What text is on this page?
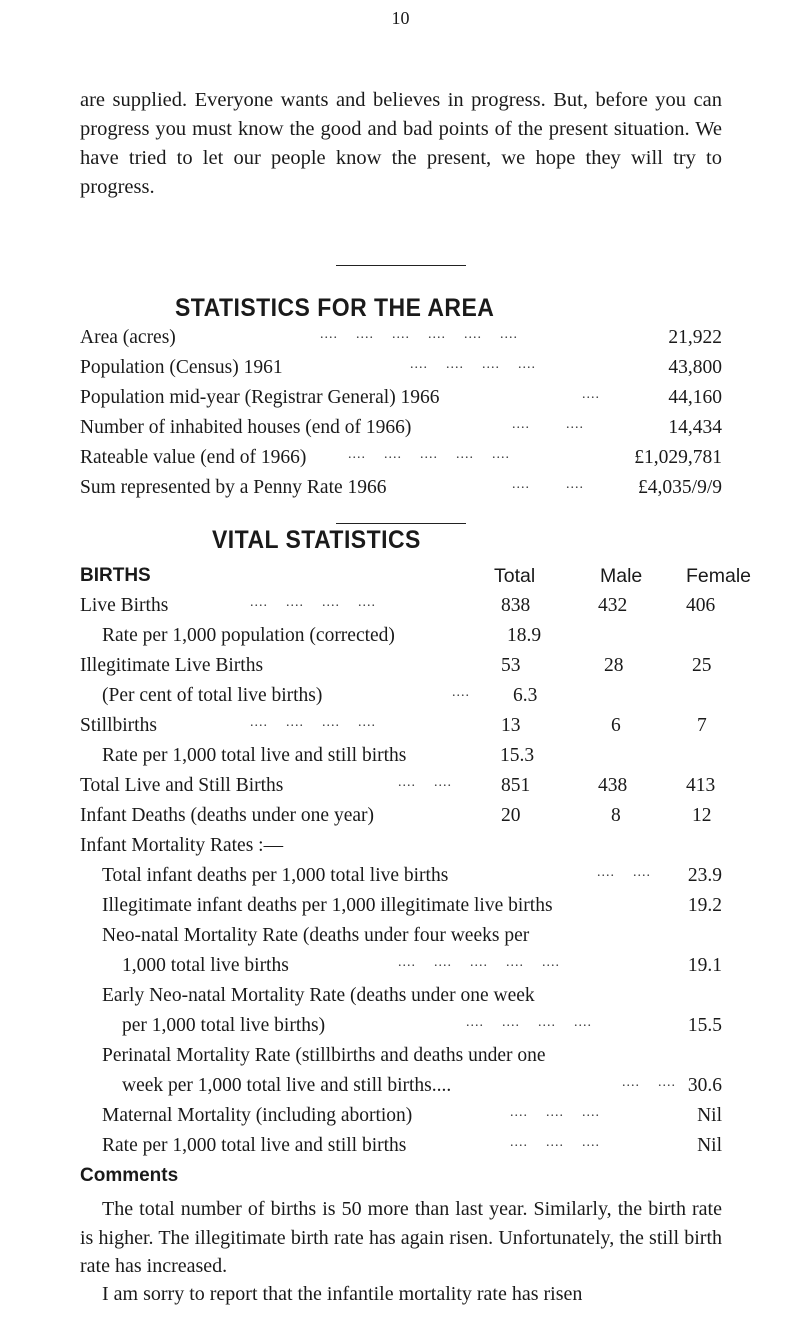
10
are supplied. Everyone wants and believes in progress. But, before you can progress you must know the good and bad points of the present situation. We have tried to let our people know the present, we hope they will try to progress.
STATISTICS FOR THE AREA
Area (acres)	....    ....    ....    ....    ....    ....	21,922
Population (Census) 1961	....    ....    ....    ....	43,800
Population mid-year (Registrar General) 1966	....	44,160
Number of inhabited houses (end of 1966)	....        ....	14,434
Rateable value (end of 1966)	....    ....    ....    ....    ....	£1,029,781
Sum represented by a Penny Rate 1966	....        ....	£4,035/9/9
VITAL STATISTICS
BIRTHS	Total	Male Female
Live Births	....    ....    ....    ....	838	432	406
Rate per 1,000 population (corrected)	18.9
Illegitimate Live Births	53	28	25
(Per cent of total live births)	.... 6.3
Stillbirths	....    ....    ....    ....	13	6	7
Rate per 1,000 total live and still births	15.3
Total Live and Still Births	....    ....	851	438	413
Infant Deaths (deaths under one year)	20	8	12
Infant Mortality Rates :—
Total infant deaths per 1,000 total live births	....    .... 23.9
Illegitimate infant deaths per 1,000 illegitimate live births	19.2
Neo-natal Mortality Rate (deaths under four weeks per
1,000 total live births	....    ....    ....    ....    ....	19.1
Early Neo-natal Mortality Rate (deaths under one week
per 1,000 total live births)	....    ....    ....    ....	15.5
Perinatal Mortality Rate (stillbirths and deaths under one
week per 1,000 total live and still births....	....    .... 30.6
Maternal Mortality (including abortion)	....    ....    ....	Nil
Rate per 1,000 total live and still births	....    ....    ....	Nil
Comments
The total number of births is 50 more than last year. Similarly, the birth rate is higher. The illegitimate birth rate has again risen. Unfortunately, the still birth rate has increased.
I am sorry to report that the infantile mortality rate has risen
